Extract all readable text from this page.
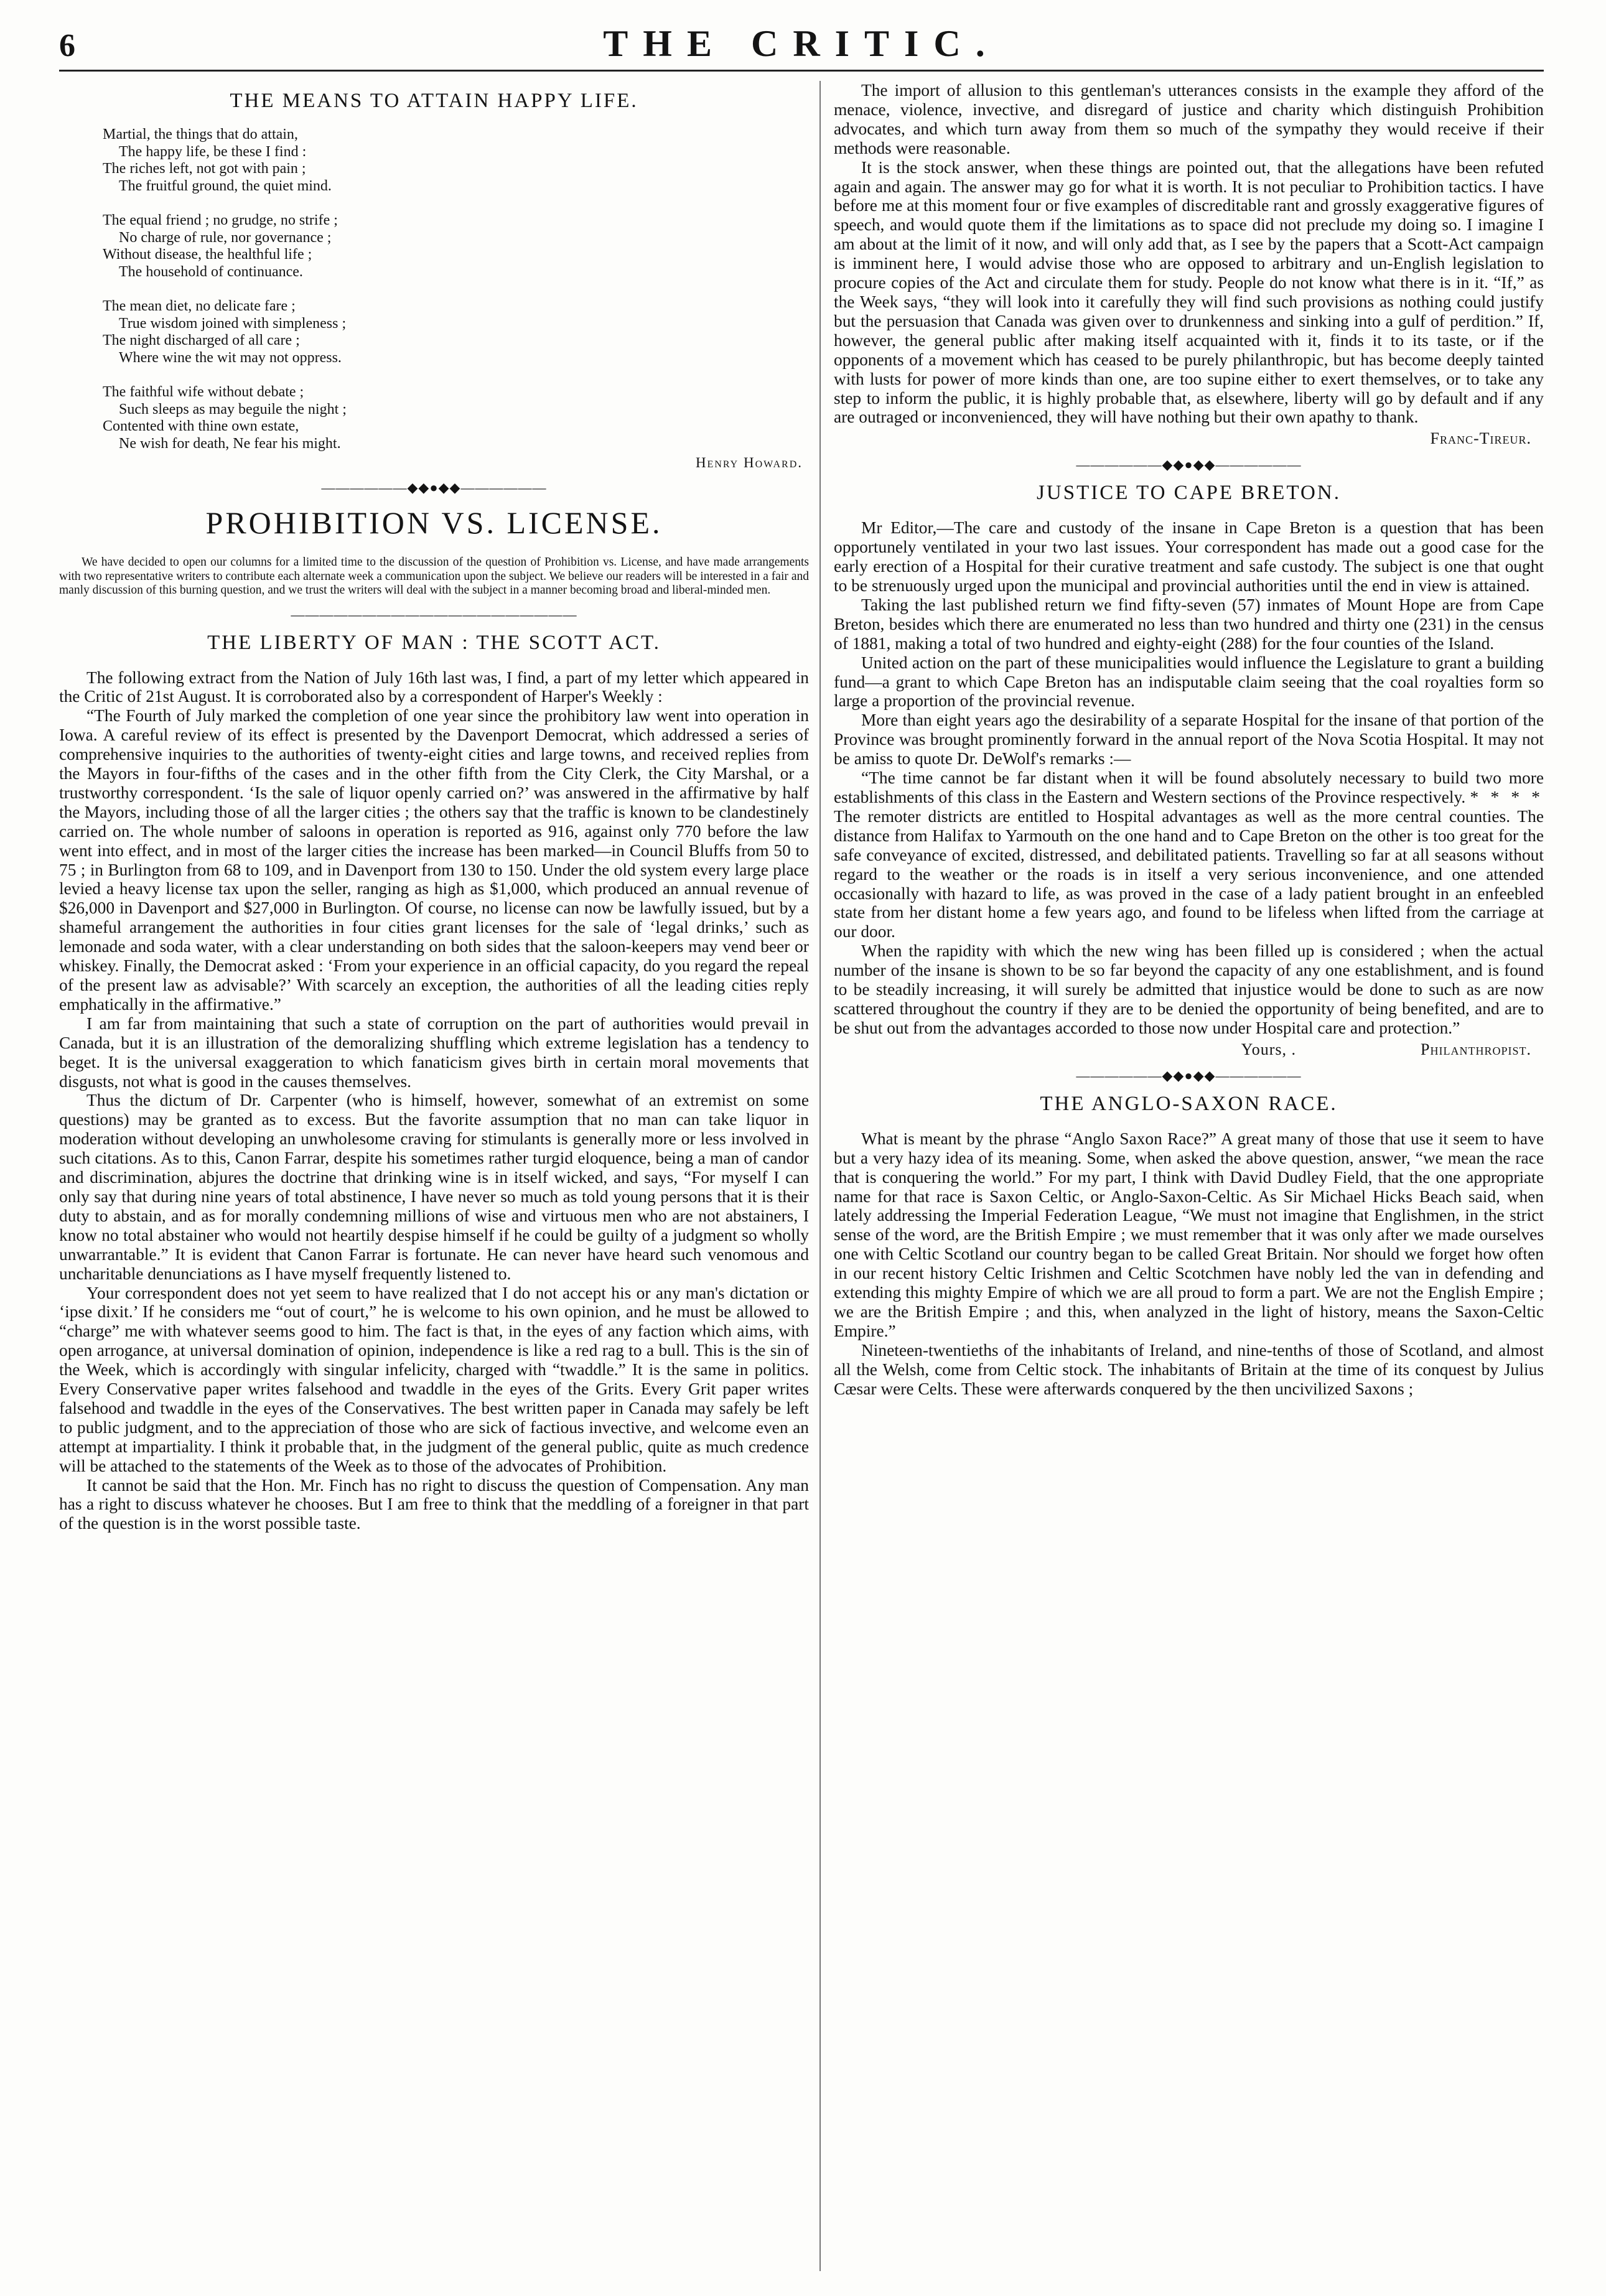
6	THE CRITIC.
THE MEANS TO ATTAIN HAPPY LIFE.
Martial, the things that do attain,
The happy life, be these I find :
The riches left, not got with pain ;
The fruitful ground, the quiet mind.
The equal friend ; no grudge, no strife ;
No charge of rule, nor governance ;
Without disease, the healthful life ;
The household of continuance.
The mean diet, no delicate fare ;
True wisdom joined with simpleness ;
The night discharged of all care ;
Where wine the wit may not oppress.
The faithful wife without debate ;
Such sleeps as may beguile the night ;
Contented with thine own estate,
Ne wish for death, Ne fear his might.
Henry Howard.
——————◆◆●◆◆——————
PROHIBITION VS. LICENSE.

We have decided to open our columns for a limited time to the discussion of the question of Prohibition vs. License, and have made arrangements with two representative writers to contribute each alternate week a communication upon the subject. We believe our readers will be interested in a fair and manly discussion of this burning question, and we trust the writers will deal with the subject in a manner becoming broad and liberal-minded men.

————————————————————
THE LIBERTY OF MAN : THE SCOTT ACT.

The following extract from the Nation of July 16th last was, I find, a part of my letter which appeared in the Critic of 21st August. It is corroborated also by a correspondent of Harper's Weekly :

“The Fourth of July marked the completion of one year since the prohibitory law went into operation in Iowa. A careful review of its effect is presented by the Davenport Democrat, which addressed a series of comprehensive inquiries to the authorities of twenty-eight cities and large towns, and received replies from the Mayors in four-fifths of the cases and in the other fifth from the City Clerk, the City Marshal, or a trustworthy correspondent. ‘Is the sale of liquor openly carried on?’ was answered in the affirmative by half the Mayors, including those of all the larger cities ; the others say that the traffic is known to be clandestinely carried on. The whole number of saloons in operation is reported as 916, against only 770 before the law went into effect, and in most of the larger cities the increase has been marked—in Council Bluffs from 50 to 75 ; in Burlington from 68 to 109, and in Davenport from 130 to 150. Under the old system every large place levied a heavy license tax upon the seller, ranging as high as $1,000, which produced an annual revenue of $26,000 in Davenport and $27,000 in Burlington. Of course, no license can now be lawfully issued, but by a shameful arrangement the authorities in four cities grant licenses for the sale of ‘legal drinks,’ such as lemonade and soda water, with a clear understanding on both sides that the saloon-keepers may vend beer or whiskey. Finally, the Democrat asked : ‘From your experience in an official capacity, do you regard the repeal of the present law as advisable?’ With scarcely an exception, the authorities of all the leading cities reply emphatically in the affirmative.”

I am far from maintaining that such a state of corruption on the part of authorities would prevail in Canada, but it is an illustration of the demoralizing shuffling which extreme legislation has a tendency to beget. It is the universal exaggeration to which fanaticism gives birth in certain moral movements that disgusts, not what is good in the causes themselves.

Thus the dictum of Dr. Carpenter (who is himself, however, somewhat of an extremist on some questions) may be granted as to excess. But the favorite assumption that no man can take liquor in moderation without developing an unwholesome craving for stimulants is generally more or less involved in such citations. As to this, Canon Farrar, despite his sometimes rather turgid eloquence, being a man of candor and discrimination, abjures the doctrine that drinking wine is in itself wicked, and says, “For myself I can only say that during nine years of total abstinence, I have never so much as told young persons that it is their duty to abstain, and as for morally condemning millions of wise and virtuous men who are not abstainers, I know no total abstainer who would not heartily despise himself if he could be guilty of a judgment so wholly unwarrantable.” It is evident that Canon Farrar is fortunate. He can never have heard such venomous and uncharitable denunciations as I have myself frequently listened to.

Your correspondent does not yet seem to have realized that I do not accept his or any man's dictation or ‘ipse dixit.’ If he considers me “out of court,” he is welcome to his own opinion, and he must be allowed to “charge” me with whatever seems good to him. The fact is that, in the eyes of any faction which aims, with open arrogance, at universal domination of opinion, independence is like a red rag to a bull. This is the sin of the Week, which is accordingly with singular infelicity, charged with “twaddle.” It is the same in politics. Every Conservative paper writes falsehood and twaddle in the eyes of the Grits. Every Grit paper writes falsehood and twaddle in the eyes of the Conservatives. The best written paper in Canada may safely be left to public judgment, and to the appreciation of those who are sick of factious invective, and welcome even an attempt at impartiality. I think it probable that, in the judgment of the general public, quite as much credence will be attached to the statements of the Week as to those of the advocates of Prohibition.

It cannot be said that the Hon. Mr. Finch has no right to discuss the question of Compensation. Any man has a right to discuss whatever he chooses. But I am free to think that the meddling of a foreigner in that part of the question is in the worst possible taste.

The import of allusion to this gentleman's utterances consists in the example they afford of the menace, violence, invective, and disregard of justice and charity which distinguish Prohibition advocates, and which turn away from them so much of the sympathy they would receive if their methods were reasonable.

It is the stock answer, when these things are pointed out, that the allegations have been refuted again and again. The answer may go for what it is worth. It is not peculiar to Prohibition tactics. I have before me at this moment four or five examples of discreditable rant and grossly exaggerative figures of speech, and would quote them if the limitations as to space did not preclude my doing so. I imagine I am about at the limit of it now, and will only add that, as I see by the papers that a Scott-Act campaign is imminent here, I would advise those who are opposed to arbitrary and un-English legislation to procure copies of the Act and circulate them for study. People do not know what there is in it. “If,” as the Week says, “they will look into it carefully they will find such provisions as nothing could justify but the persuasion that Canada was given over to drunkenness and sinking into a gulf of perdition.” If, however, the general public after making itself acquainted with it, finds it to its taste, or if the opponents of a movement which has ceased to be purely philanthropic, but has become deeply tainted with lusts for power of more kinds than one, are too supine either to exert themselves, or to take any step to inform the public, it is highly probable that, as elsewhere, liberty will go by default and if any are outraged or inconvenienced, they will have nothing but their own apathy to thank.

Franc-Tireur.
——————◆◆●◆◆——————
JUSTICE TO CAPE BRETON.

Mr Editor,—The care and custody of the insane in Cape Breton is a question that has been opportunely ventilated in your two last issues. Your correspondent has made out a good case for the early erection of a Hospital for their curative treatment and safe custody. The subject is one that ought to be strenuously urged upon the municipal and provincial authorities until the end in view is attained.

Taking the last published return we find fifty-seven (57) inmates of Mount Hope are from Cape Breton, besides which there are enumerated no less than two hundred and thirty one (231) in the census of 1881, making a total of two hundred and eighty-eight (288) for the four counties of the Island.

United action on the part of these municipalities would influence the Legislature to grant a building fund—a grant to which Cape Breton has an indisputable claim seeing that the coal royalties form so large a proportion of the provincial revenue.

More than eight years ago the desirability of a separate Hospital for the insane of that portion of the Province was brought prominently forward in the annual report of the Nova Scotia Hospital. It may not be amiss to quote Dr. DeWolf's remarks :—

“The time cannot be far distant when it will be found absolutely necessary to build two more establishments of this class in the Eastern and Western sections of the Province respectively. * * * * The remoter districts are entitled to Hospital advantages as well as the more central counties. The distance from Halifax to Yarmouth on the one hand and to Cape Breton on the other is too great for the safe conveyance of excited, distressed, and debilitated patients. Travelling so far at all seasons without regard to the weather or the roads is in itself a very serious inconvenience, and one attended occasionally with hazard to life, as was proved in the case of a lady patient brought in an enfeebled state from her distant home a few years ago, and found to be lifeless when lifted from the carriage at our door.

When the rapidity with which the new wing has been filled up is considered ; when the actual number of the insane is shown to be so far beyond the capacity of any one establishment, and is found to be steadily increasing, it will surely be admitted that injustice would be done to such as are now scattered throughout the country if they are to be denied the opportunity of being benefited, and are to be shut out from the advantages accorded to those now under Hospital care and protection.”

Yours, .	Philanthropist.
——————◆◆●◆◆——————
THE ANGLO-SAXON RACE.

What is meant by the phrase “Anglo Saxon Race?” A great many of those that use it seem to have but a very hazy idea of its meaning. Some, when asked the above question, answer, “we mean the race that is conquering the world.” For my part, I think with David Dudley Field, that the one appropriate name for that race is Saxon Celtic, or Anglo-Saxon-Celtic. As Sir Michael Hicks Beach said, when lately addressing the Imperial Federation League, “We must not imagine that Englishmen, in the strict sense of the word, are the British Empire ; we must remember that it was only after we made ourselves one with Celtic Scotland our country began to be called Great Britain. Nor should we forget how often in our recent history Celtic Irishmen and Celtic Scotchmen have nobly led the van in defending and extending this mighty Empire of which we are all proud to form a part. We are not the English Empire ; we are the British Empire ; and this, when analyzed in the light of history, means the Saxon-Celtic Empire.”

Nineteen-twentieths of the inhabitants of Ireland, and nine-tenths of those of Scotland, and almost all the Welsh, come from Celtic stock. The inhabitants of Britain at the time of its conquest by Julius Cæsar were Celts. These were afterwards conquered by the then uncivilized Saxons ;
